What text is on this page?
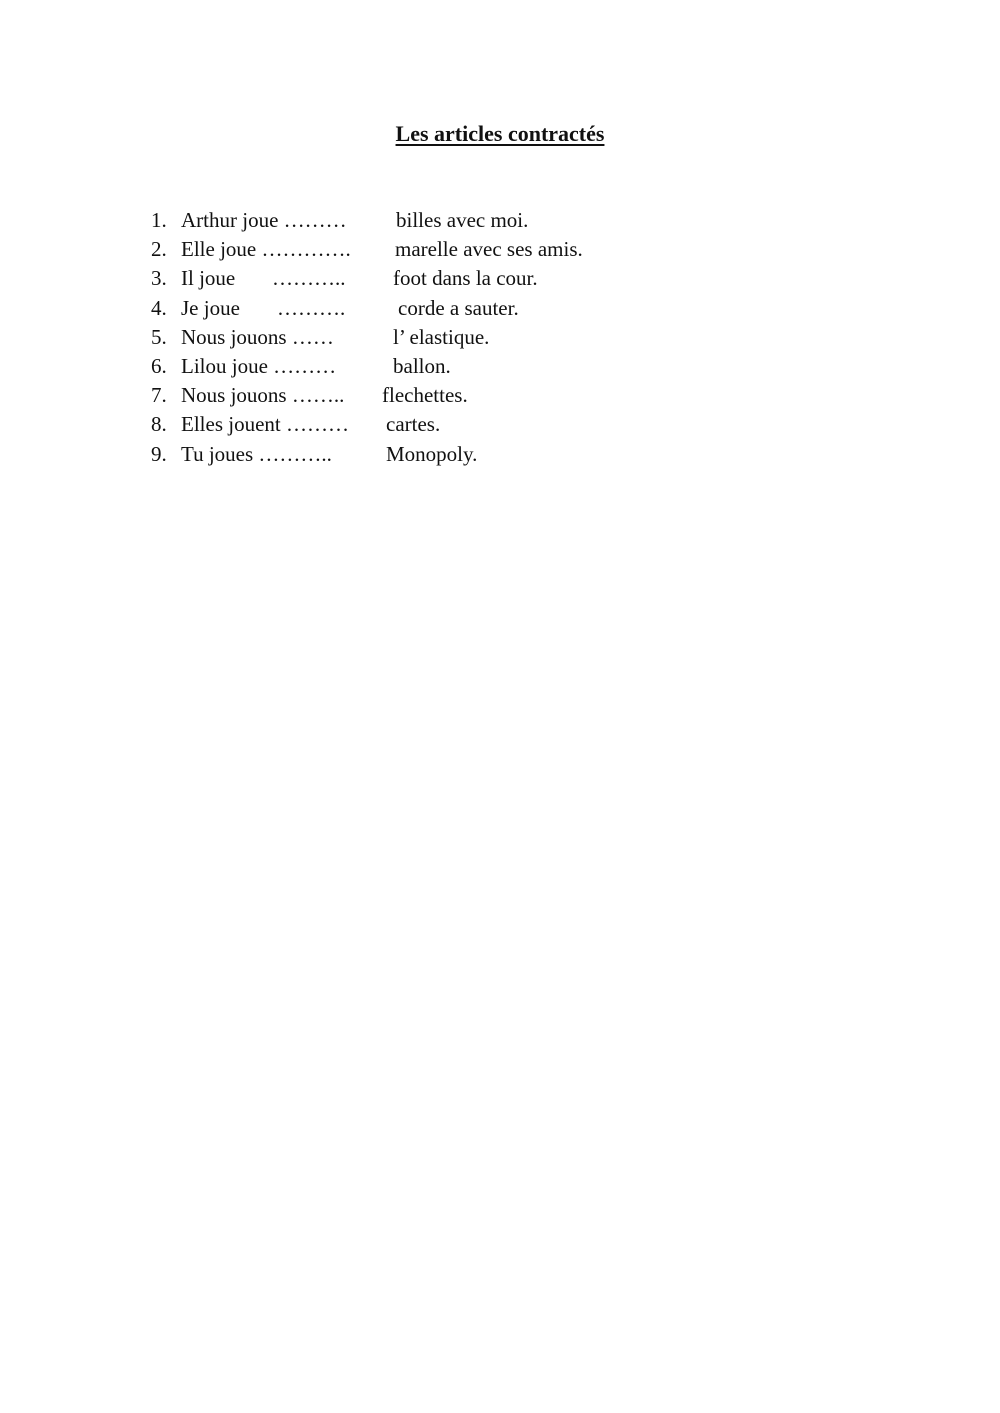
Les articles contractés
1. Arthur joue ……… billes avec moi.
2. Elle joue …………. marelle avec ses amis.
3. Il joue ……….. foot dans la cour.
4. Je joue ……….	corde a sauter.
5. Nous jouons ……	l’ elastique.
6. Lilou joue ………	ballon.
7. Nous jouons …….. flechettes.
8. Elles jouent ……… cartes.
9. Tu joues ………..	Monopoly.
